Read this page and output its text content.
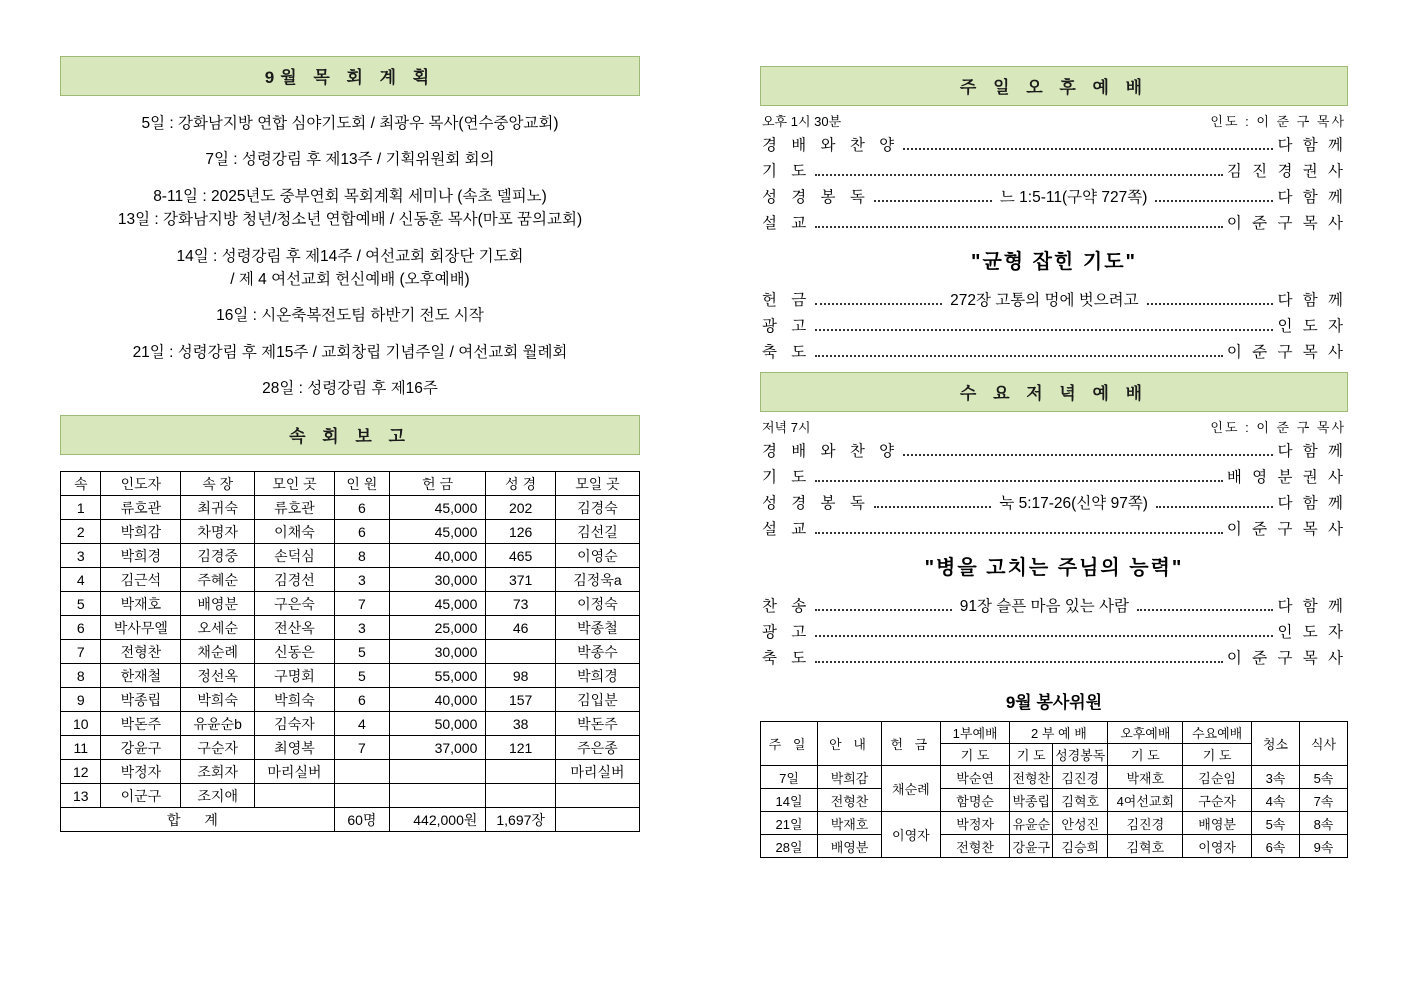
9월 목 회 계 획
5일 : 강화남지방 연합 심야기도회 / 최광우 목사(연수중앙교회)
7일 : 성령강림 후 제13주 / 기획위원회 회의
8-11일 : 2025년도 중부연회 목회계획 세미나 (속초 델피노)
13일 : 강화남지방 청년/청소년 연합예배 / 신동훈 목사(마포 꿈의교회)
14일 : 성령강림 후 제14주 / 여선교회 회장단 기도회
/ 제 4 여선교회 헌신예배 (오후예배)
16일 : 시온축복전도팀 하반기 전도 시작
21일 : 성령강림 후 제15주 / 교회창립 기념주일 / 여선교회 월례회
28일 : 성령강림 후 제16주
속 회 보 고
속	인도자	속 장	모인 곳	인 원	헌 금	성 경	모일 곳
1	류호관	최귀숙	류호관	6	45,000	202	김경숙
2	박희감	차명자	이채숙	6	45,000	126	김선길
3	박희경	김경중	손덕심	8	40,000	465	이영순
4	김근석	주혜순	김경선	3	30,000	371	김정욱a
5	박재호	배영분	구은숙	7	45,000	73	이정숙
6	박사무엘	오세순	전산옥	3	25,000	46	박종철
7	전형찬	채순례	신동은	5	30,000		박종수
8	한재철	정선옥	구명회	5	55,000	98	박희경
9	박종립	박희숙	박희숙	6	40,000	157	김입분
10	박돈주	유윤순b	김숙자	4	50,000	38	박돈주
11	강윤구	구순자	최영복	7	37,000	121	주은종
12	박정자	조회자	마리실버				마리실버
13	이군구	조지애					
합 계				60명	442,000원	1,697장	
주 일 오 후 예 배
오후 1시 30분	인도 : 이 준 구 목사
경 배 와 찬 양	다 함 께
기 도	김 진 경 권 사
성 경 봉 독	느 1:5-11(구약 727쪽)	다 함 께
설 교	이 준 구 목 사
"균형 잡힌 기도"
헌 금	272장 고통의 멍에 벗으려고	다 함 께
광 고	인 도 자
축 도	이 준 구 목 사
수 요 저 녁 예 배
저녁 7시	인도 : 이 준 구 목사
경 배 와 찬 양	다 함 께
기 도	배 영 분 권 사
성 경 봉 독	눅 5:17-26(신약 97쪽)	다 함 께
설 교	이 준 구 목 사
"병을 고치는 주님의 능력"
찬 송	91장 슬픈 마음 있는 사람	다 함 께
광 고	인 도 자
축 도	이 준 구 목 사
9월 봉사위원
주 일	안 내	헌 금	1부예배	2 부 예 배		오후예배	수요예배	청소	식사
			기 도	기 도	성경봉독	기 도	기 도		
7일	박희감	채순례	박순연	전형찬	김진경	박재호	김순임	3속	5속
14일	전형찬		함명순	박종립	김혁호	4여선교회	구순자	4속	7속
21일	박재호	이영자	박정자	유윤순	안성진	김진경	배영분	5속	8속
28일	배영분		전형찬	강윤구	김승희	김혁호	이영자	6속	9속
